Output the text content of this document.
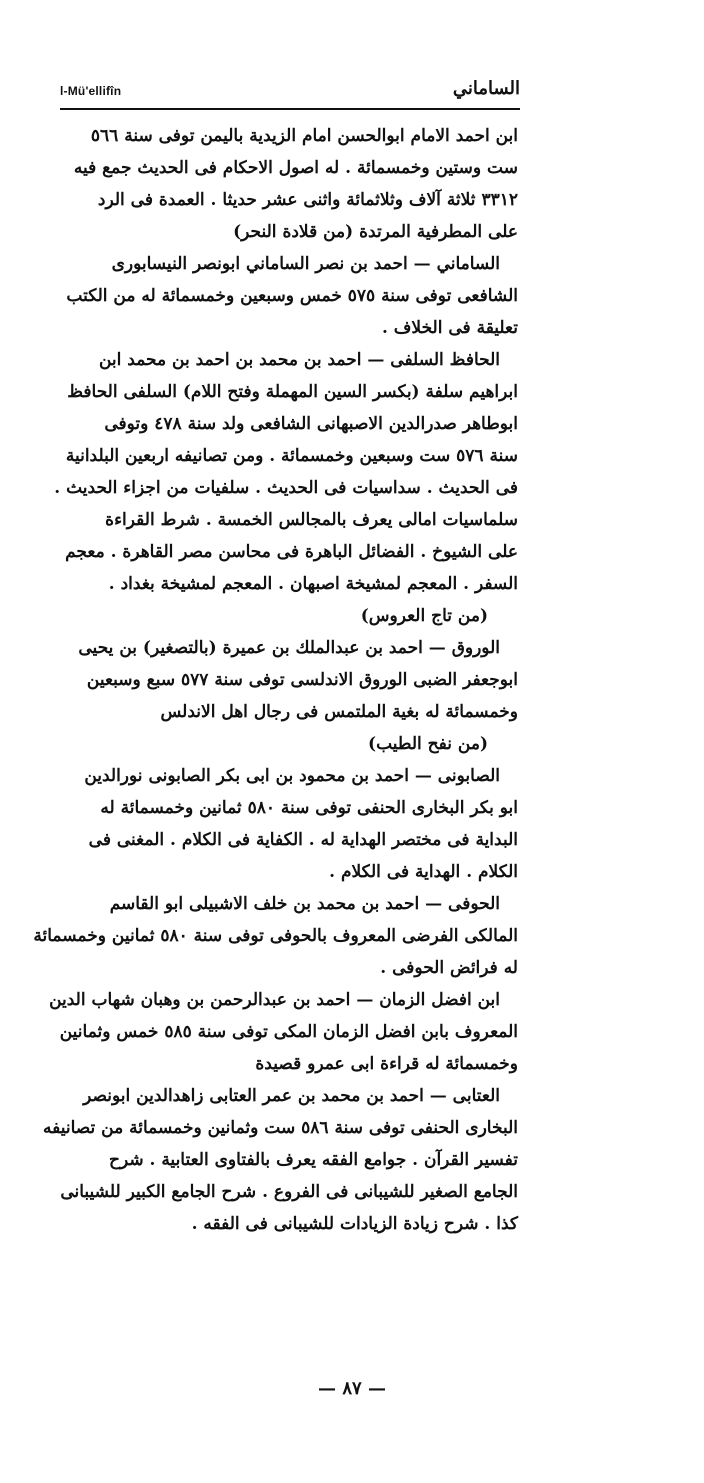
l-Mü'ellifîn	الساماني
ابن احمد الامام ابوالحسن امام الزيدية باليمن توفى سنة ٥٦٦
ست وستين وخمسمائة . له اصول الاحكام فى الحديث جمع فيه
٣٣١٢ ثلاثة آلاف وثلاثمائة واثنى عشر حديثا . العمدة فى الرد
على المطرفية المرتدة (من قلادة النحر)
الساماني — احمد بن نصر الساماني ابونصر النيسابورى
الشافعى توفى سنة ٥٧٥ خمس وسبعين وخمسمائة له من الكتب
تعليقة فى الخلاف .
الحافظ السلفى — احمد بن محمد بن احمد بن محمد ابن
ابراهيم سلفة (بكسر السين المهملة وفتح اللام) السلفى الحافظ
ابوطاهر صدرالدين الاصبهانى الشافعى ولد سنة ٤٧٨ وتوفى
سنة ٥٧٦ ست وسبعين وخمسمائة . ومن تصانيفه اربعين البلدانية
فى الحديث . سداسيات فى الحديث . سلفيات من اجزاء الحديث .
سلماسيات امالى يعرف بالمجالس الخمسة . شرط القراءة
على الشيوخ . الفضائل الباهرة فى محاسن مصر القاهرة . معجم
السفر . المعجم لمشيخة اصبهان . المعجم لمشيخة بغداد .
(من تاج العروس)
الوروق — احمد بن عبدالملك بن عميرة (بالتصغير) بن يحيى
ابوجعفر الضبى الوروق الاندلسى توفى سنة ٥٧٧ سبع وسبعين
وخمسمائة له بغية الملتمس فى رجال اهل الاندلس
(من نفح الطيب)
الصابونى — احمد بن محمود بن ابى بكر الصابونى نورالدين
ابو بكر البخارى الحنفى توفى سنة ٥٨٠ ثمانين وخمسمائة له
البداية فى مختصر الهداية له . الكفاية فى الكلام . المغنى فى
الكلام . الهداية فى الكلام .
الحوفى — احمد بن محمد بن خلف الاشبيلى ابو القاسم
المالكى الفرضى المعروف بالحوفى توفى سنة ٥٨٠ ثمانين وخمسمائة
له فرائض الحوفى .
ابن افضل الزمان — احمد بن عبدالرحمن بن وهبان شهاب الدين
المعروف بابن افضل الزمان المكى توفى سنة ٥٨٥ خمس وثمانين
وخمسمائة له قراءة ابى عمرو قصيدة
العتابى — احمد بن محمد بن عمر العتابى زاهدالدين ابونصر
البخارى الحنفى توفى سنة ٥٨٦ ست وثمانين وخمسمائة من تصانيفه
تفسير القرآن . جوامع الفقه يعرف بالفتاوى العتابية . شرح
الجامع الصغير للشيبانى فى الفروع . شرح الجامع الكبير للشيبانى
كذا . شرح زيادة الزيادات للشيبانى فى الفقه .
— ٨٧ —
